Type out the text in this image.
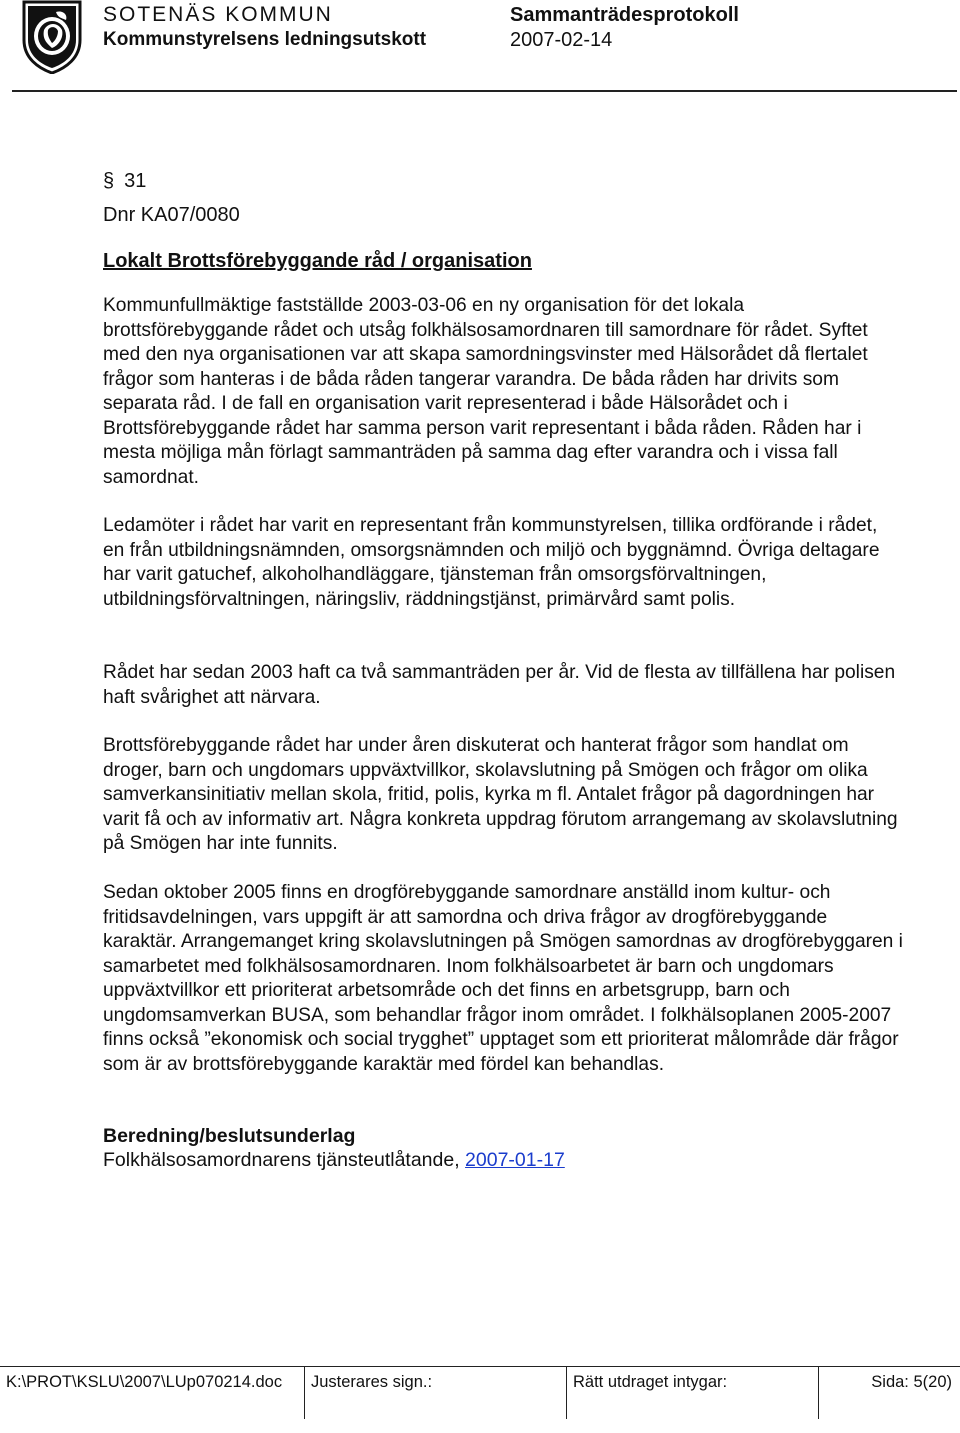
SOTENÄS KOMMUN
Kommunstyrelsens ledningsutskott
Sammanträdesprotokoll
2007-02-14
§ 31
Dnr KA07/0080
Lokalt Brottsförebyggande råd / organisation

Kommunfullmäktige fastställde 2003-03-06 en ny organisation för det lokala brottsförebyggande rådet och utsåg folkhälsosamordnaren till samordnare för rådet. Syftet med den nya organisationen var att skapa samordningsvinster med Hälsorådet då flertalet frågor som hanteras i de båda råden tangerar varandra. De båda råden har drivits som separata råd. I de fall en organisation varit representerad i både Hälsorådet och i Brottsförebyggande rådet har samma person varit representant i båda råden. Råden har i mesta möjliga mån förlagt sammanträden på samma dag efter varandra och i vissa fall samordnat.

Ledamöter i rådet har varit en representant från kommunstyrelsen, tillika ordförande i rådet, en från utbildningsnämnden, omsorgsnämnden och miljö och byggnämnd. Övriga deltagare har varit gatuchef, alkoholhandläggare, tjänsteman från omsorgsförvaltningen, utbildningsförvaltningen, näringsliv, räddningstjänst, primärvård samt polis.

Rådet har sedan 2003 haft ca två sammanträden per år. Vid de flesta av tillfällena har polisen haft svårighet att närvara.

Brottsförebyggande rådet har under åren diskuterat och hanterat frågor som handlat om droger, barn och ungdomars uppväxtvillkor, skolavslutning på Smögen och frågor om olika samverkansinitiativ mellan skola, fritid, polis, kyrka m fl. Antalet frågor på dagordningen har varit få och av informativ art. Några konkreta uppdrag förutom arrangemang av skolavslutning på Smögen har inte funnits.

Sedan oktober 2005 finns en drogförebyggande samordnare anställd inom kultur- och fritidsavdelningen, vars uppgift är att samordna och driva frågor av drogförebyggande karaktär. Arrangemanget kring skolavslutningen på Smögen samordnas av drogförebyggaren i samarbetet med folkhälsosamordnaren. Inom folkhälsoarbetet är barn och ungdomars uppväxtvillkor ett prioriterat arbetsområde och det finns en arbetsgrupp, barn och ungdomsamverkan BUSA, som behandlar frågor inom området. I folkhälsoplanen 2005-2007 finns också ”ekonomisk och social trygghet” upptaget som ett prioriterat målområde där frågor som är av brottsförebyggande karaktär med fördel kan behandlas.

Beredning/beslutsunderlag
Folkhälsosamordnarens tjänsteutlåtande, 2007-01-17
K:\PROT\KSLU\2007\LUp070214.doc	Justerares sign.:	Rätt utdraget intygar:	Sida: 5(20)
